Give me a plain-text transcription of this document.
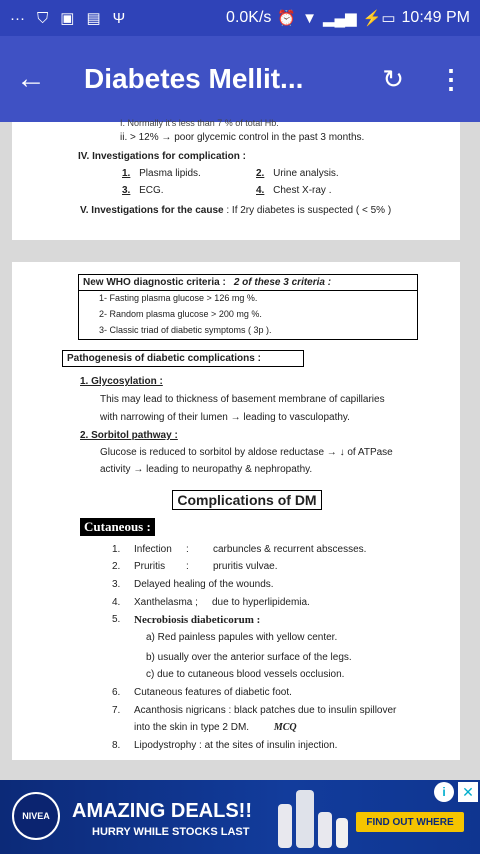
··· ⛉ ▣ ▤ Ψ	0.0K/s ⏰ ▼ ▂▄▆ ⚡▭ 10:49 PM
←	Diabetes Mellit...	↻ ⋮
I. Normally it's less than 7 % of total Hb.
ii. > 12% → poor glycemic control in the past 3 months.
IV. Investigations for complication :
1. Plasma lipids.	2. Urine analysis.
3. ECG.	4. Chest X-ray .
V. Investigations for the cause : If 2ry diabetes is suspected ( < 5% )
New WHO diagnostic criteria : 2 of these 3 criteria :
1- Fasting plasma glucose > 126 mg %.
2- Random plasma glucose > 200 mg %.
3- Classic triad of diabetic symptoms ( 3p ).
Pathogenesis of diabetic complications :
1. Glycosylation :
This may lead to thickness of basement membrane of capillaries
with narrowing of their lumen → leading to vasculopathy.
2. Sorbitol pathway :
Glucose is reduced to sorbitol by aldose reductase → ↓ of ATPase
activity → leading to neuropathy & nephropathy.
Complications of DM
Cutaneous :
1. Infection	: carbuncles & recurrent abscesses.
2. Pruritis : pruritis vulvae.
3. Delayed healing of the wounds.
4. Xanthelasma ; due to hyperlipidemia.
5. Necrobiosis diabeticorum :
a) Red painless papules with yellow center.
b) usually over the anterior surface of the legs.
c) due to cutaneous blood vessels occlusion.
6. Cutaneous features of diabetic foot.
7. Acanthosis nigricans : black patches due to insulin spillover
into the skin in type 2 DM. MCQ
8. Lipodystrophy : at the sites of insulin injection.
NIVEA	AMAZING DEALS!!
HURRY WHILE STOCKS LAST
FIND OUT WHERE
i	✕
